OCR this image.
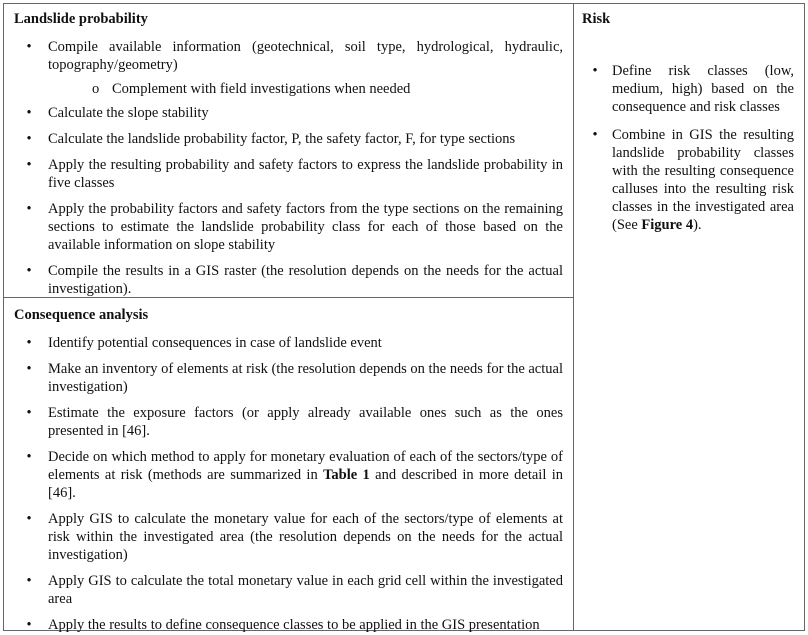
Landslide probability
• Compile available information (geotechnical, soil type, hydrological, hydraulic, topography/geometry)
o Complement with field investigations when needed
• Calculate the slope stability
• Calculate the landslide probability factor, P, the safety factor, F, for type sections
• Apply the resulting probability and safety factors to express the landslide probability in five classes
• Apply the probability factors and safety factors from the type sections on the remaining sections to estimate the landslide probability class for each of those based on the available information on slope stability
• Compile the results in a GIS raster (the resolution depends on the needs for the actual investigation).
Consequence analysis
• Identify potential consequences in case of landslide event
• Make an inventory of elements at risk (the resolution depends on the needs for the actual investigation)
• Estimate the exposure factors (or apply already available ones such as the ones presented in [46].
• Decide on which method to apply for monetary evaluation of each of the sectors/type of elements at risk (methods are summarized in Table 1 and described in more detail in [46].
• Apply GIS to calculate the monetary value for each of the sectors/type of elements at risk within the investigated area (the resolution depends on the needs for the actual investigation)
• Apply GIS to calculate the total monetary value in each grid cell within the investigated area
• Apply the results to define consequence classes to be applied in the GIS presentation
Risk
• Define risk classes (low, medium, high) based on the consequence and risk classes
• Combine in GIS the resulting landslide probability classes with the resulting consequence calluses into the resulting risk classes in the investigated area (See Figure 4).
